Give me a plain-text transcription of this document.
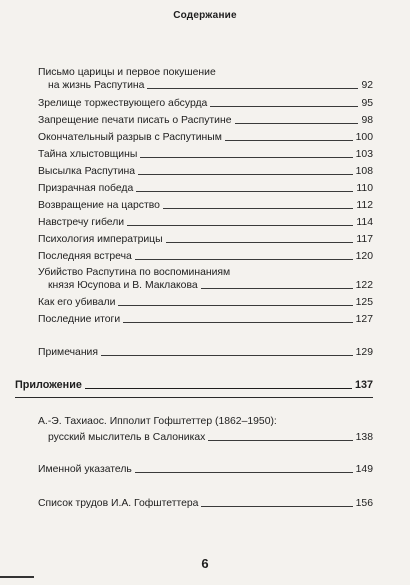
Содержание
Письмо царицы и первое покушение
на жизнь Распутина	92
Зрелище торжествующего абсурда	95
Запрещение печати писать о Распутине	98
Окончательный разрыв с Распутиным	100
Тайна хлыстовщины	103
Высылка Распутина	108
Призрачная победа	110
Возвращение на царство	112
Навстречу гибели	114
Психология императрицы	117
Последняя встреча	120
Убийство Распутина по воспоминаниям
князя Юсупова и В. Маклакова	122
Как его убивали	125
Последние итоги	127
Примечания	129
Приложение	137
А.-Э. Тахиаос. Ипполит Гофштеттер (1862–1950):
русский мыслитель в Салониках	138
Именной указатель	149
Список трудов И.А. Гофштеттера	156
6
